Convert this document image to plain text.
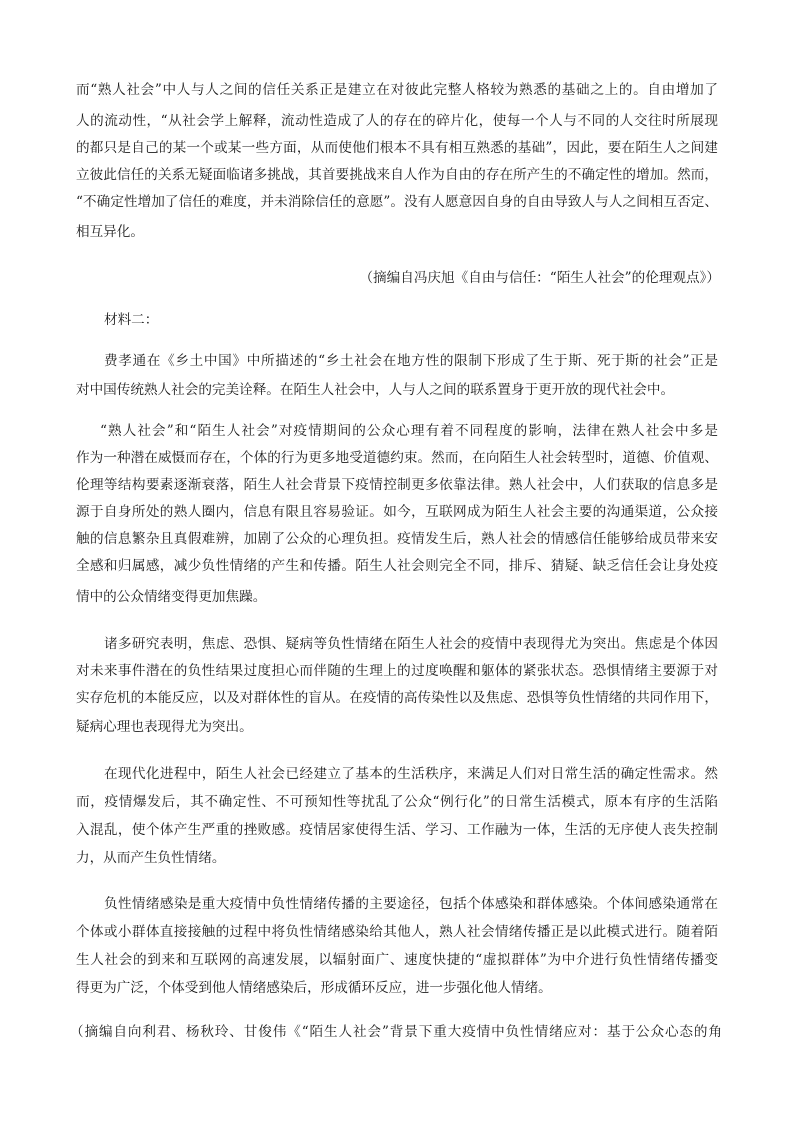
而“熟人社会”中人与人之间的信任关系正是建立在对彼此完整人格较为熟悉的基础之上的。自由增加了
人的流动性，“从社会学上解释，流动性造成了人的存在的碎片化，使每一个人与不同的人交往时所展现
的都只是自己的某一个或某一些方面，从而使他们根本不具有相互熟悉的基础”，因此，要在陌生人之间建
立彼此信任的关系无疑面临诸多挑战，其首要挑战来自人作为自由的存在所产生的不确定性的增加。然而，
“不确定性增加了信任的难度，并未消除信任的意愿”。没有人愿意因自身的自由导致人与人之间相互否定、
相互异化。
（摘编自冯庆旭《自由与信任：“陌生人社会”的伦理观点》）
材料二：
费孝通在《乡土中国》中所描述的“乡土社会在地方性的限制下形成了生于斯、死于斯的社会”正是
对中国传统熟人社会的完美诠释。在陌生人社会中，人与人之间的联系置身于更开放的现代社会中。
“熟人社会”和“陌生人社会”对疫情期间的公众心理有着不同程度的影响，法律在熟人社会中多是
作为一种潜在威慑而存在，个体的行为更多地受道德约束。然而，在向陌生人社会转型时，道德、价值观、
伦理等结构要素逐渐衰落，陌生人社会背景下疫情控制更多依靠法律。熟人社会中，人们获取的信息多是
源于自身所处的熟人圈内，信息有限且容易验证。如今，互联网成为陌生人社会主要的沟通渠道，公众接
触的信息繁杂且真假难辨，加剧了公众的心理负担。疫情发生后，熟人社会的情感信任能够给成员带来安
全感和归属感，减少负性情绪的产生和传播。陌生人社会则完全不同，排斥、猜疑、缺乏信任会让身处疫
情中的公众情绪变得更加焦躁。
诸多研究表明，焦虑、恐惧、疑病等负性情绪在陌生人社会的疫情中表现得尤为突出。焦虑是个体因
对未来事件潜在的负性结果过度担心而伴随的生理上的过度唤醒和躯体的紧张状态。恐惧情绪主要源于对
实存危机的本能反应，以及对群体性的盲从。在疫情的高传染性以及焦虑、恐惧等负性情绪的共同作用下，
疑病心理也表现得尤为突出。
在现代化进程中，陌生人社会已经建立了基本的生活秩序，来满足人们对日常生活的确定性需求。然
而，疫情爆发后，其不确定性、不可预知性等扰乱了公众“例行化”的日常生活模式，原本有序的生活陷
入混乱，使个体产生严重的挫败感。疫情居家使得生活、学习、工作融为一体，生活的无序使人丧失控制
力，从而产生负性情绪。
负性情绪感染是重大疫情中负性情绪传播的主要途径，包括个体感染和群体感染。个体间感染通常在
个体或小群体直接接触的过程中将负性情绪感染给其他人，熟人社会情绪传播正是以此模式进行。随着陌
生人社会的到来和互联网的高速发展，以辐射面广、速度快捷的“虚拟群体”为中介进行负性情绪传播变
得更为广泛，个体受到他人情绪感染后，形成循环反应，进一步强化他人情绪。
（摘编自向利君、杨秋玲、甘俊伟《“陌生人社会”背景下重大疫情中负性情绪应对：基于公众心态的角
